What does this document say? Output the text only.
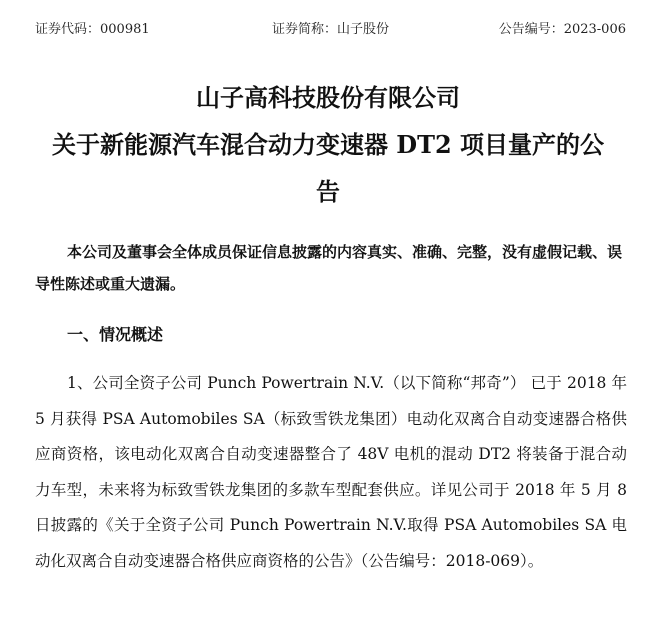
证券代码：000981	证券简称：山子股份	公告编号：2023-006
山子高科技股份有限公司
关于新能源汽车混合动力变速器 DT2 项目量产的公
告
本公司及董事会全体成员保证信息披露的内容真实、准确、完整，没有虚假记载、误导性陈述或重大遗漏。
一、情况概述
1、公司全资子公司 Punch Powertrain N.V.（以下简称“邦奇”） 已于 2018 年 5 月获得 PSA Automobiles SA（标致雪铁龙集团）电动化双离合自动变速器合格供应商资格，该电动化双离合自动变速器整合了 48V 电机的混动 DT2 将装备于混合动力车型，未来将为标致雪铁龙集团的多款车型配套供应。详见公司于 2018 年 5 月 8 日披露的《关于全资子公司 Punch Powertrain N.V.取得 PSA Automobiles SA 电动化双离合自动变速器合格供应商资格的公告》（公告编号：2018-069）。
